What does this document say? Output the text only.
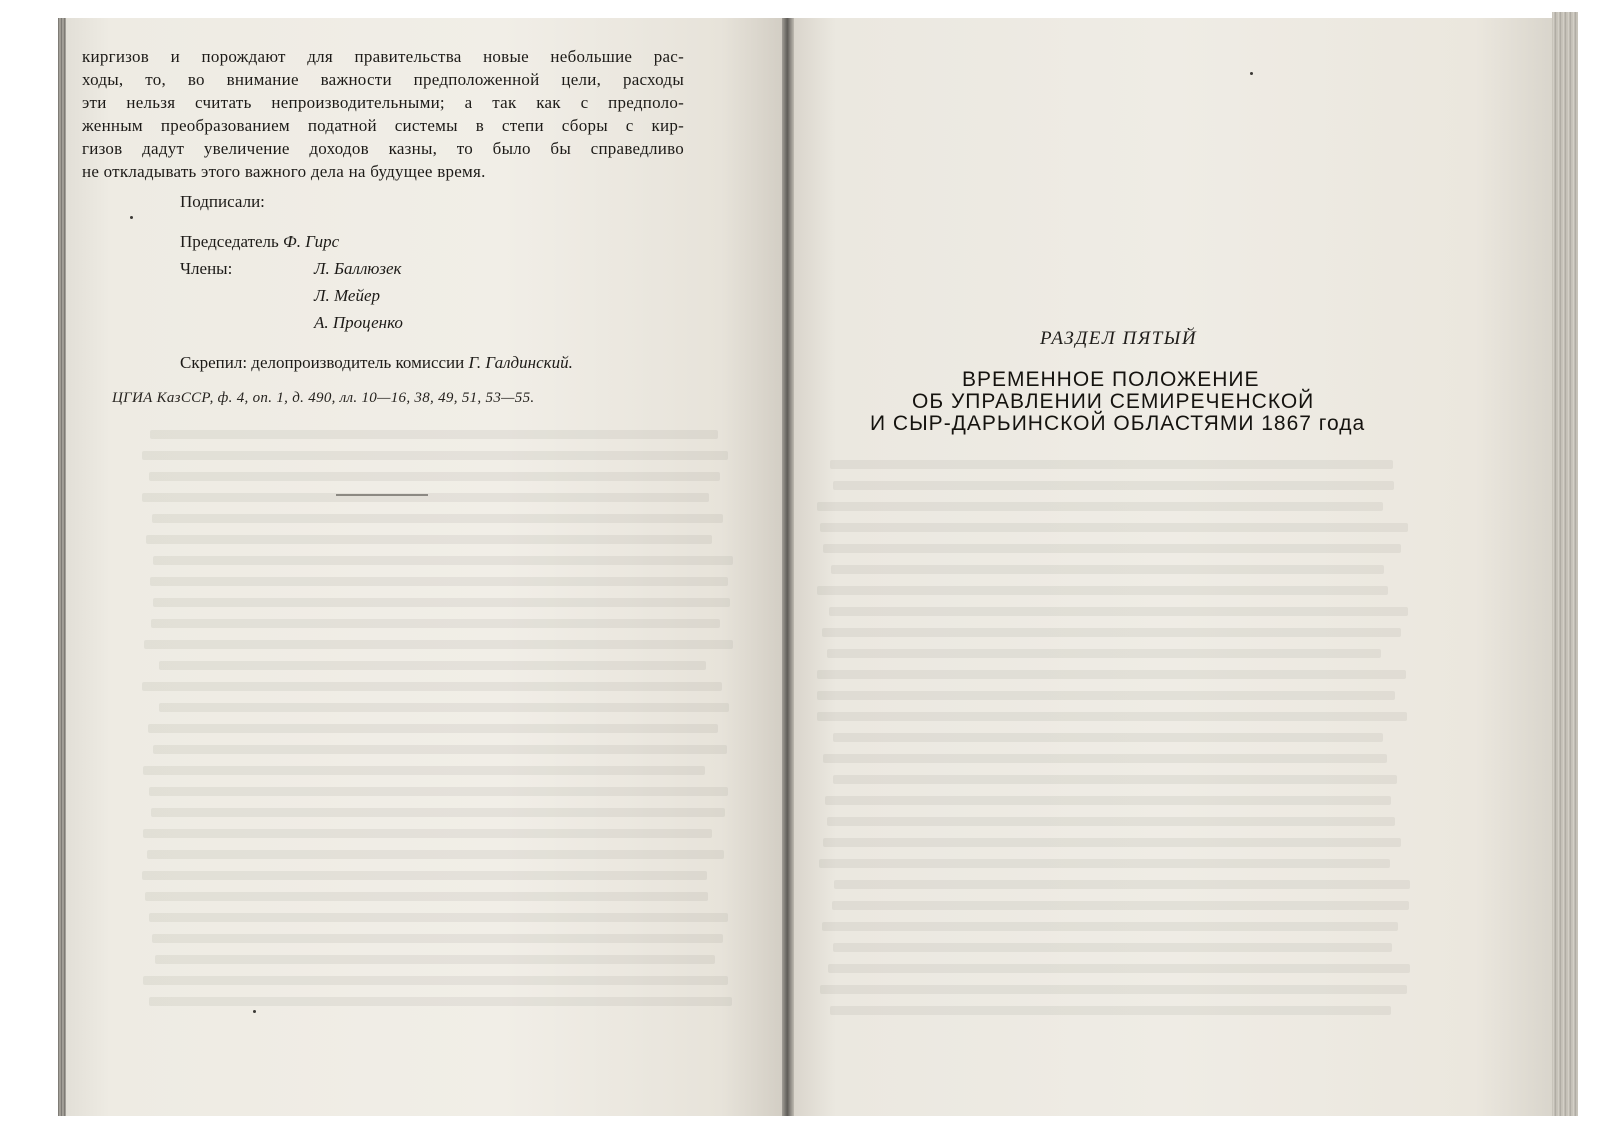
киргизов и порождают для правительства новые небольшие рас-
ходы, то, во внимание важности предположенной цели, расходы
эти нельзя считать непроизводительными; а так как с предполо-
женным преобразованием податной системы в степи сборы с кир-
гизов дадут увеличение доходов казны, то было бы справедливо
не откладывать этого важного дела на будущее время.
Подписали:
Председатель Ф. Гирс
Члены:	Л. Баллюзек
Л. Мейер
А. Проценко
Скрепил: делопроизводитель комиссии Г. Галдинский.
ЦГИА КазССР, ф. 4, оп. 1, д. 490, лл. 10—16, 38, 49, 51, 53—55.
РАЗДЕЛ ПЯТЫЙ
ВРЕМЕННОЕ ПОЛОЖЕНИЕ
ОБ УПРАВЛЕНИИ СЕМИРЕЧЕНСКОЙ
И СЫР-ДАРЬИНСКОЙ ОБЛАСТЯМИ 1867 года
